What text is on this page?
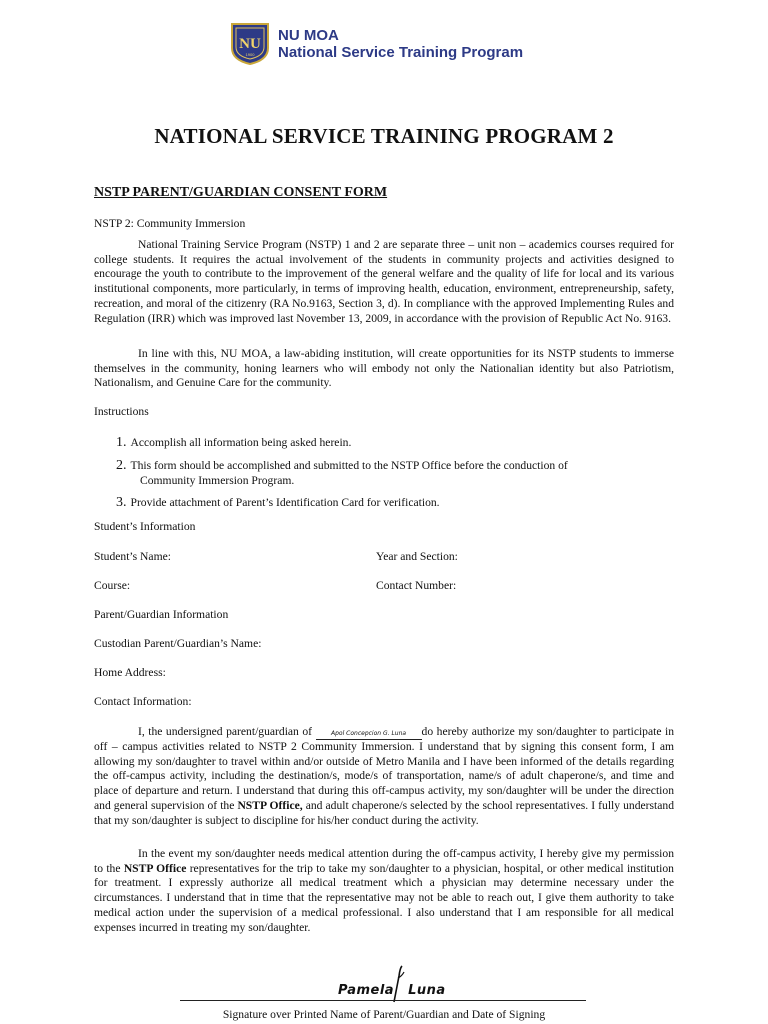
NU
1900
NU MOA
National Service Training Program
NATIONAL SERVICE TRAINING PROGRAM 2
NSTP PARENT/GUARDIAN CONSENT FORM
NSTP 2: Community Immersion
National Training Service Program (NSTP) 1 and 2 are separate three – unit non – academics courses required for college students. It requires the actual involvement of the students in community projects and activities designed to encourage the youth to contribute to the improvement of the general welfare and the quality of life for local and its various institutional components, more particularly, in terms of improving health, education, environment, entrepreneurship, safety, recreation, and moral of the citizenry (RA No.9163, Section 3, d). In compliance with the approved Implementing Rules and Regulation (IRR) which was improved last November 13, 2009, in accordance with the provision of Republic Act No. 9163.
In line with this, NU MOA, a law-abiding institution, will create opportunities for its NSTP students to immerse themselves in the community, honing learners who will embody not only the Nationalian identity but also Patriotism, Nationalism, and Genuine Care for the community.
Instructions
1. Accomplish all information being asked herein.
2. This form should be accomplished and submitted to the NSTP Office before the conduction of
Community Immersion Program.
3. Provide attachment of Parent’s Identification Card for verification.
Student’s Information
Student’s Name:	Year and Section:
Course:	Contact Number:
Parent/Guardian Information
Custodian Parent/Guardian’s Name:
Home Address:
Contact Information:
I, the undersigned parent/guardian of	Apol Concepcion G. Luna do hereby authorize my son/daughter to participate in off – campus activities related to NSTP 2 Community Immersion. I understand that by signing this consent form, I am allowing my son/daughter to travel within and/or outside of Metro Manila and I have been informed of the details regarding the off-campus activity, including the destination/s, mode/s of transportation, name/s of adult chaperone/s, and time and place of departure and return. I understand that during this off-campus activity, my son/daughter will be under the direction and general supervision of the NSTP Office, and adult chaperone/s selected by the school representatives. I fully understand that my son/daughter is subject to discipline for his/her conduct during the activity.
In the event my son/daughter needs medical attention during the off-campus activity, I hereby give my permission to the NSTP Office representatives for the trip to take my son/daughter to a physician, hospital, or other medical institution for treatment. I expressly authorize all medical treatment which a physician may determine necessary under the circumstances. I understand that in time that the representative may not be able to reach out, I give them authority to take medical action under the supervision of a medical professional. I also understand that I am responsible for all medical expenses incurred in treating my son/daughter.
Pamela Luna
Signature over Printed Name of Parent/Guardian and Date of Signing
